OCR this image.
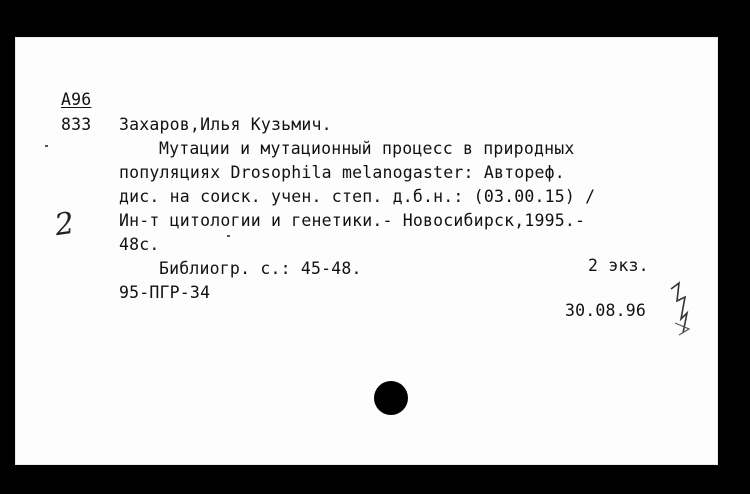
А96
833 Захаров,Илья Кузьмич.
Мутации и мутационный процесс в природных
популяциях Drosophila melanogaster: Автореф.
дис. на соиск. учен. степ. д.б.н.: (03.00.15) /
Ин-т цитологии и генетики.- Новосибирск,1995.-
48с.
Библиогр. с.: 45-48.	2 экз.
95-ПГР-34
30.08.96
2
